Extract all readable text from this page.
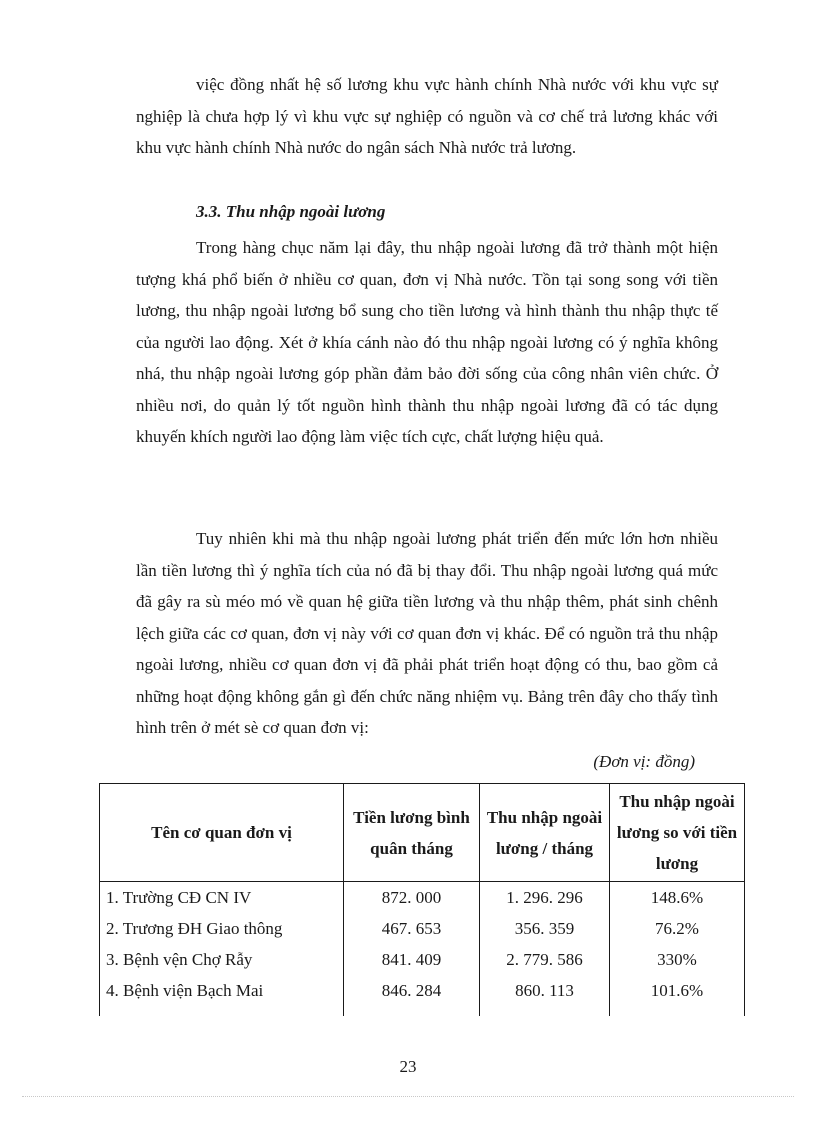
việc đồng nhất hệ số lương khu vực hành chính Nhà nước với khu vực sự nghiệp là chưa hợp lý vì khu vực sự nghiệp có nguồn và cơ chế trả lương khác với khu vực hành chính Nhà nước do ngân sách Nhà nước trả lương.

3.3. Thu nhập ngoài lương

Trong hàng chục năm lại đây, thu nhập ngoài lương đã trở thành một hiện tượng khá phổ biến ở nhiều cơ quan, đơn vị Nhà nước. Tồn tại song song với tiền lương, thu nhập ngoài lương bổ sung cho tiền lương và hình thành thu nhập thực tế của người lao động. Xét ở khía cánh nào đó thu nhập ngoài lương có ý nghĩa không nhá, thu nhập ngoài lương góp phần đảm bảo đời sống của công nhân viên chức. Ở nhiều nơi, do quản lý tốt nguồn hình thành thu nhập ngoài lương đã có tác dụng khuyến khích người lao động làm việc tích cực, chất lượng hiệu quả.

Tuy nhiên khi mà thu nhập ngoài lương phát triển đến mức lớn hơn nhiều lần tiền lương thì ý nghĩa tích của nó đã bị thay đổi. Thu nhập ngoài lương quá mức đã gây ra sù méo mó về quan hệ giữa tiền lương và thu nhập thêm, phát sinh chênh lệch giữa các cơ quan, đơn vị này với cơ quan đơn vị khác. Để có nguồn trả thu nhập ngoài lương, nhiều cơ quan đơn vị đã phải phát triển hoạt động có thu, bao gồm cả những hoạt động không gắn gì đến chức năng nhiệm vụ. Bảng trên đây cho thấy tình hình trên ở mét sè cơ quan đơn vị:

(Đơn vị: đồng)
Tên cơ quan đơn vị	Tiền lương bình quân tháng	Thu nhập ngoài lương / tháng	Thu nhập ngoài lương so với tiền lương
1. Trường CĐ CN IV	872. 000	1. 296. 296	148.6%
2. Trương ĐH Giao thông	467. 653	356. 359	76.2%
3. Bệnh vện Chợ Rẫy	841. 409	2. 779. 586	330%
4. Bệnh viện Bạch Mai	846. 284	860. 113	101.6%
23
